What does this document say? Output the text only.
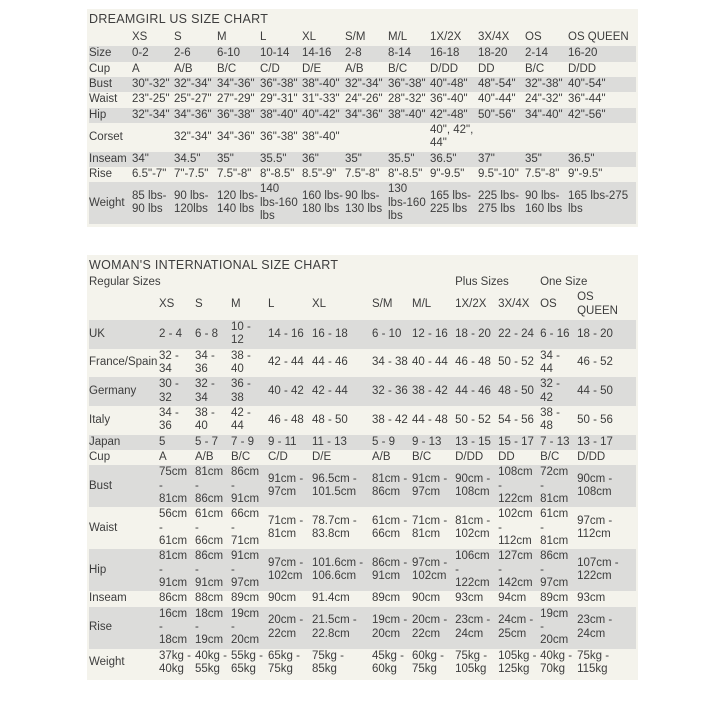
DREAMGIRL US SIZE CHART
	XS	S	M	L	XL	S/M	M/L	1X/2X	3X/4X	OS	OS QUEEN
Size	0-2	2-6	6-10	10-14	14-16	2-8	8-14	16-18	18-20	2-14	16-20
Cup	A	A/B	B/C	C/D	D/E	A/B	B/C	D/DD	DD	B/C	D/DD
Bust	30"-32"	32"-34"	34"-36"	36"-38"	38"-40"	32"-34"	36"-38"	40"-48"	48"-54"	32"-38"	40"-54"
Waist	23"-25"	25"-27"	27"-29"	29"-31"	31"-33"	24"-26"	28"-32"	36"-40"	40"-44"	24"-32"	36"-44"
Hip	32"-34"	34"-36"	36"-38"	38"-40"	40"-42"	34"-36"	38"-40"	42"-48"	50"-56"	34"-40"	42"-56"
Corset		32"-34"	34"-36"	36"-38"	38"-40"			40", 42", 44"			
Inseam	34"	34.5"	35"	35.5"	36"	35"	35.5"	36.5"	37"	35"	36.5"
Rise	6.5"-7"	7"-7.5"	7.5"-8"	8"-8.5"	8.5"-9"	7.5"-8"	8"-8.5"	9"-9.5"	9.5"-10"	7.5"-8"	9"-9.5"
Weight	85 lbs-90 lbs	90 lbs-120lbs	120 lbs-140 lbs	140 lbs-160 lbs	160 lbs-180 lbs	90 lbs-130 lbs	130 lbs-160 lbs	165 lbs-225 lbs	225 lbs-275 lbs	90 lbs-160 lbs	165 lbs-275 lbs
WOMAN'S INTERNATIONAL SIZE CHART
Regular Sizes								Plus Sizes		One Size	
	XS	S	M	L	XL	S/M	M/L	1X/2X	3X/4X	OS	OS QUEEN
UK	2 - 4	6 - 8	10 - 12	14 - 16	16 - 18	6 - 10	12 - 16	18 - 20	22 - 24	6 - 16	18 - 20
France/Spain	32 - 34	34 - 36	38 - 40	42 - 44	44 - 46	34 - 38	40 - 44	46 - 48	50 - 52	34 - 44	46 - 52
Germany	30 - 32	32 - 34	36 - 38	40 - 42	42 - 44	32 - 36	38 - 42	44 - 46	48 - 50	32 - 42	44 - 50
Italy	34 - 36	38 - 40	42 - 44	46 - 48	48 - 50	38 - 42	44 - 48	50 - 52	54 - 56	38 - 48	50 - 56
Japan	5	5 - 7	7 - 9	9 - 11	11 - 13	5 - 9	9 - 13	13 - 15	15 - 17	7 - 13	13 - 17
Cup	A	A/B	B/C	C/D	D/E	A/B	B/C	D/DD	DD	B/C	D/DD
Bust	75cm - 81cm	81cm - 86cm	86cm - 91cm	91cm - 97cm	96.5cm - 101.5cm	81cm - 86cm	91cm - 97cm	90cm - 108cm	108cm - 122cm	72cm - 81cm	90cm - 108cm
Waist	56cm - 61cm	61cm - 66cm	66cm - 71cm	71cm - 81cm	78.7cm - 83.8cm	61cm - 66cm	71cm - 81cm	81cm - 102cm	102cm - 112cm	61cm - 81cm	97cm - 112cm
Hip	81cm - 91cm	86cm - 91cm	91cm - 97cm	97cm - 102cm	101.6cm - 106.6cm	86cm - 91cm	97cm - 102cm	106cm - 122cm	127cm - 142cm	86cm - 97cm	107cm - 122cm
Inseam	86cm	88cm	89cm	90cm	91.4cm	89cm	90cm	93cm	94cm	89cm	93cm
Rise	16cm - 18cm	18cm - 19cm	19cm - 20cm	20cm - 22cm	21.5cm - 22.8cm	19cm - 20cm	20cm - 22cm	23cm - 24cm	24cm - 25cm	19cm - 20cm	23cm - 24cm
Weight	37kg - 40kg	40kg - 55kg	55kg - 65kg	65kg - 75kg	75kg - 85kg	45kg - 60kg	60kg - 75kg	75kg - 105kg	105kg - 125kg	40kg - 70kg	75kg - 115kg
